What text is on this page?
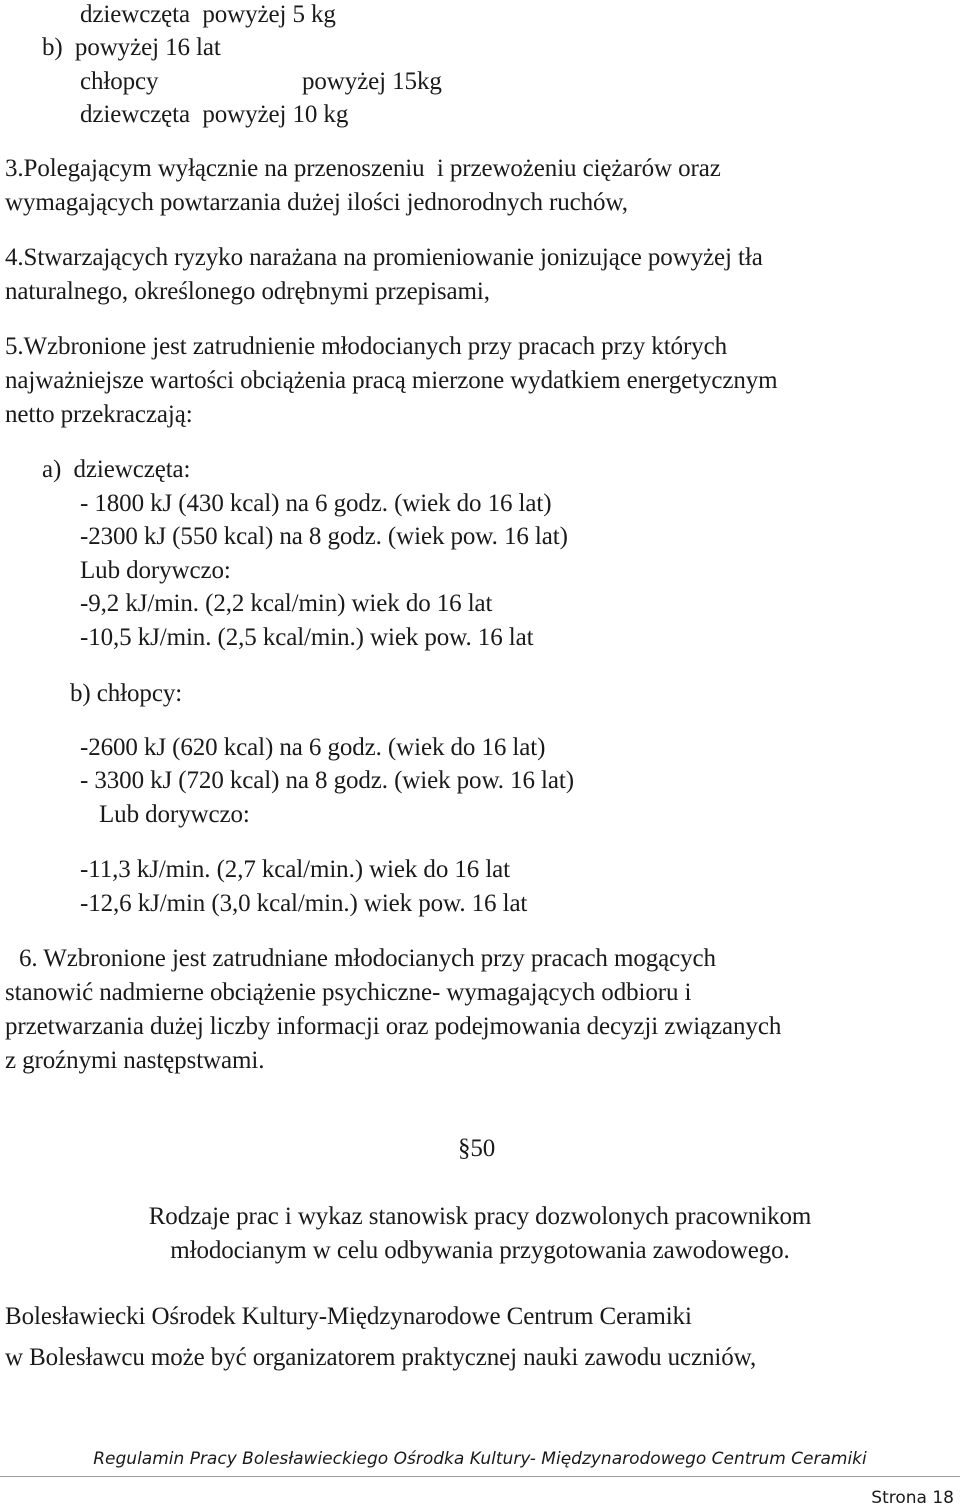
dziewczęta  powyżej 5 kg
b)  powyżej 16 lat
chłopcy	powyżej 15kg
dziewczęta  powyżej 10 kg
3.Polegającym wyłącznie na przenoszeniu  i przewożeniu ciężarów oraz
wymagających powtarzania dużej ilości jednorodnych ruchów,
4.Stwarzających ryzyko narażana na promieniowanie jonizujące powyżej tła
naturalnego, określonego odrębnymi przepisami,
5.Wzbronione jest zatrudnienie młodocianych przy pracach przy których
najważniejsze wartości obciążenia pracą mierzone wydatkiem energetycznym
netto przekraczają:
a)  dziewczęta:
- 1800 kJ (430 kcal) na 6 godz. (wiek do 16 lat)
-2300 kJ (550 kcal) na 8 godz. (wiek pow. 16 lat)
Lub dorywczo:
-9,2 kJ/min. (2,2 kcal/min) wiek do 16 lat
-10,5 kJ/min. (2,5 kcal/min.) wiek pow. 16 lat
b) chłopcy:
-2600 kJ (620 kcal) na 6 godz. (wiek do 16 lat)
- 3300 kJ (720 kcal) na 8 godz. (wiek pow. 16 lat)
Lub dorywczo:
-11,3 kJ/min. (2,7 kcal/min.) wiek do 16 lat
-12,6 kJ/min (3,0 kcal/min.) wiek pow. 16 lat
6. Wzbronione jest zatrudniane młodocianych przy pracach mogących
stanowić nadmierne obciążenie psychiczne- wymagających odbioru i
przetwarzania dużej liczby informacji oraz podejmowania decyzji związanych
z groźnymi następstwami.
§50
Rodzaje prac i wykaz stanowisk pracy dozwolonych pracownikom
młodocianym w celu odbywania przygotowania zawodowego.
Bolesławiecki Ośrodek Kultury-Międzynarodowe Centrum Ceramiki
w Bolesławcu może być organizatorem praktycznej nauki zawodu uczniów,
Regulamin Pracy Bolesławieckiego Ośrodka Kultury- Międzynarodowego Centrum Ceramiki
Strona 18
